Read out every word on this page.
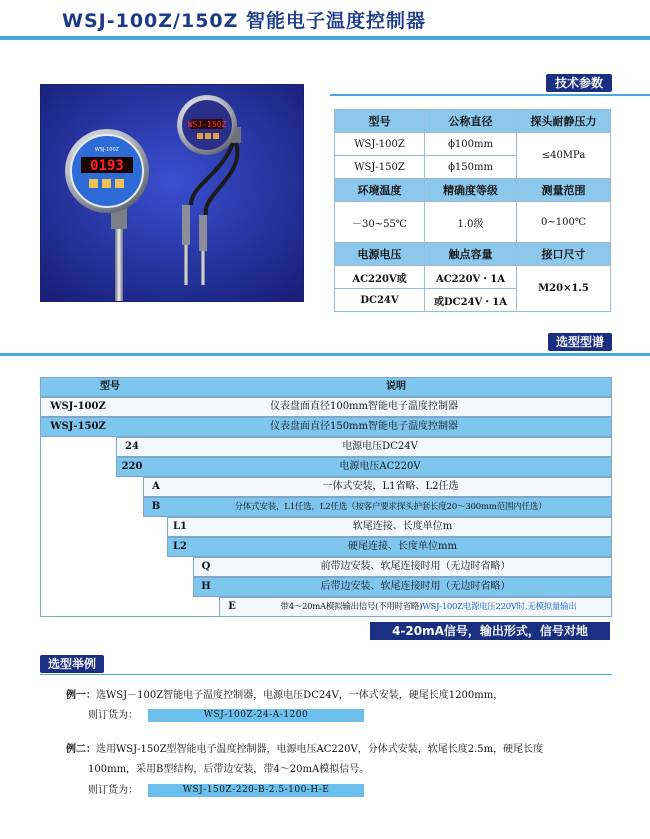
WSJ-100Z/150Z 智能电子温度控制器
WSJ-150Z
WSJ-100Z
0193
技术参数
型号	公称直径	探头耐静压力
WSJ-100Z	ϕ100mm	≤40MPa
WSJ-150Z	ϕ150mm	
环境温度	精确度等级	测量范围
－30~55℃	1.0级	0~100℃
电源电压	触点容量	接口尺寸
AC220V或	AC220V・1A	M20×1.5
DC24V	或DC24V・1A	
选型型谱
型号	说明
WSJ-100Z	仪表盘面直径100mm智能电子温度控制器
WSJ-150Z	仪表盘面直径150mm智能电子温度控制器
24	电源电压DC24V
220	电源电压AC220V
A	一体式安装，L1省略、L2任选
B	分体式安装，L1任选，L2任选（按客户要求探头护套长度20～300mm范围内任选）
L1	软尾连接、长度单位m
L2	硬尾连接、长度单位mm
Q	前带边安装、软尾连接时用（无边时省略）
H	后带边安装、软尾连接时用（无边时省略）
E	带4～20mA模拟输出信号(不用时省略)WSJ-100Z电源电压220V时,无模拟量输出
4-20mA信号，输出形式，信号对地
选型举例
例一：选WSJ－100Z智能电子温度控制器，电源电压DC24V，一体式安装，硬尾长度1200mm，
则订货为：	WSJ-100Z-24-A-1200
例二：选用WSJ-150Z型智能电子温度控制器，电源电压AC220V，分体式安装，软尾长度2.5m，硬尾长度
100mm，采用B型结构，后带边安装，带4～20mA模拟信号。
则订货为：	WSJ-150Z-220-B-2.5-100-H-E
